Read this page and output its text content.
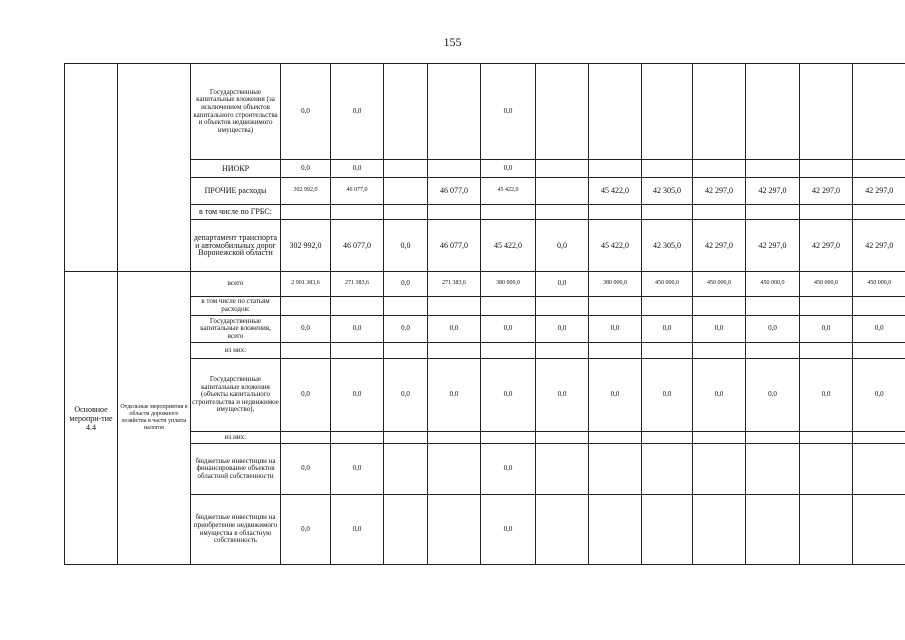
155
		Государственные капитальные вложения (за исключением объектов капитального строительства и объектов недвижимого имущества)	0,0	0,0			0,0							
		НИОКР	0,0	0,0			0,0							
		ПРОЧИЕ расходы	302 992,0	46 077,0		46 077,0	45 422,0		45 422,0	42 305,0	42 297,0	42 297,0	42 297,0	42 297,0
		в том числе по ГРБС:												
		департамент транспорта и автомобильных дорог Воронежской области	302 992,0	46 077,0	0,0	46 077,0	45 422,0	0,0	45 422,0	42 305,0	42 297,0	42 297,0	42 297,0	42 297,0
Основное меропри-тие 4.4	Отдельные мероприятия в области дорожного хозяйства в части уплаты налогов	всего	2 901 383,6	271 383,6	0,0	271 383,6	380 000,0	0,0	380 000,0	450 000,0	450 000,0	450 000,0	450 000,0	450 000,0
		в том числе по статьям расходов:												
		Государственные капитальные вложения, всего	0,0	0,0	0,0	0,0	0,0	0,0	0,0	0,0	0,0	0,0	0,0	0,0
		из них:												
		Государственные капитальные вложения (объекты капитального строительства и недвижимое имущество),	0,0	0,0	0,0	0,0	0,0	0,0	0,0	0,0	0,0	0,0	0,0	0,0
		из них:												
		бюджетные инвестиции на финансирование объектов областной собственности	0,0	0,0			0,0							
		бюджетные инвестиции на приобретение недвижимого имущества в областную собственность	0,0	0,0			0,0							
